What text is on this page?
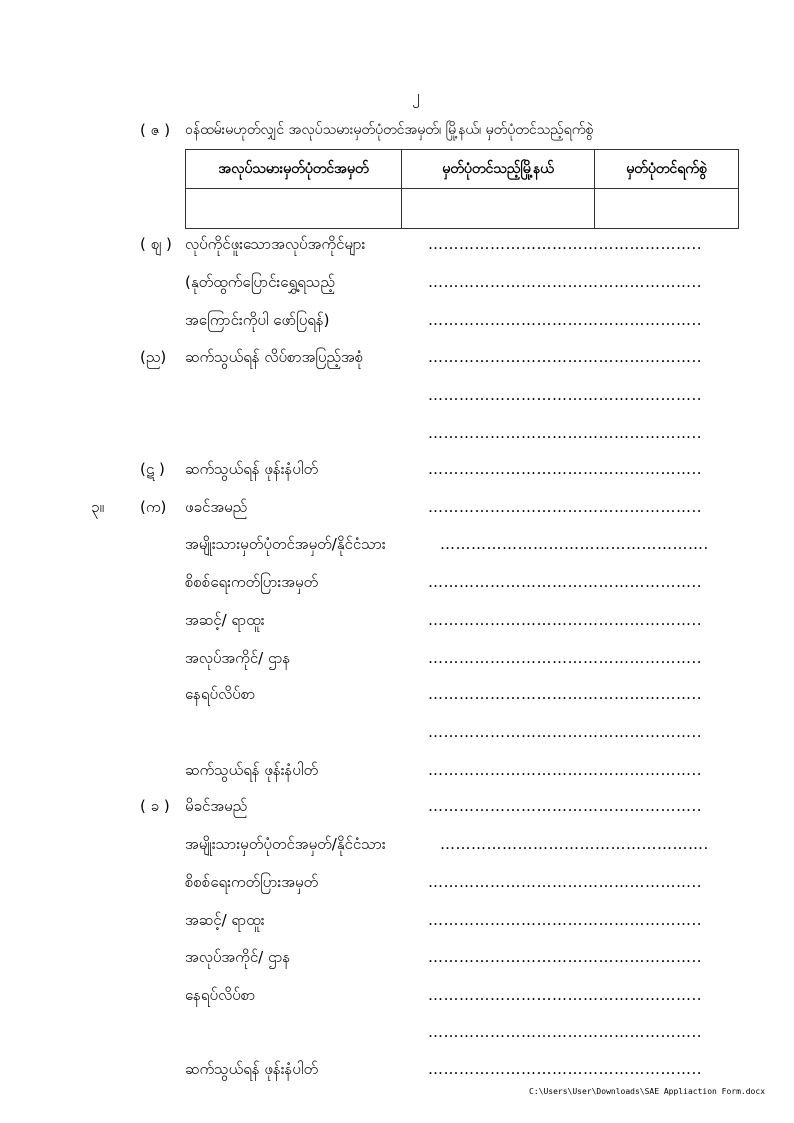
၂
( ဇ ) ဝန်ထမ်းမဟုတ်လျှင် အလုပ်သမားမှတ်ပုံတင်အမှတ်၊ မြို့နယ်၊ မှတ်ပုံတင်သည့်ရက်စွဲ
အလုပ်သမားမှတ်ပုံတင်အမှတ်	မှတ်ပုံတင်သည့်မြို့နယ်	မှတ်ပုံတင်ရက်စွဲ

( ဈ ) လုပ်ကိုင်ဖူးသောအလုပ်အကိုင်များ	……………………………………………..
(နုတ်ထွက်ပြောင်းရွှေ့ရသည့်	……………………………………………..
အကြောင်းကိုပါ ဖော်ပြရန်)	……………………………………………..
(ည) ဆက်သွယ်ရန် လိပ်စာအပြည့်အစုံ	……………………………………………..
……………………………………………..
……………………………………………..
(ဋ ) ဆက်သွယ်ရန် ဖုန်းနံပါတ်	……………………………………………..
၃။ (က) ဖခင်အမည်	……………………………………………..
အမျိုးသားမှတ်ပုံတင်အမှတ်/နိုင်ငံသား	…………………………………………….
စိစစ်ရေးကတ်ပြားအမှတ်	……………………………………………..
အဆင့်/ ရာထူး	……………………………………………..
အလုပ်အကိုင်/ ဌာန	……………………………………………..
နေရပ်လိပ်စာ	……………………………………………..
……………………………………………..
ဆက်သွယ်ရန် ဖုန်းနံပါတ်	……………………………………………..
( ခ ) မိခင်အမည်	……………………………………………..
အမျိုးသားမှတ်ပုံတင်အမှတ်/နိုင်ငံသား	…………………………………………….
စိစစ်ရေးကတ်ပြားအမှတ်	……………………………………………..
အဆင့်/ ရာထူး	……………………………………………..
အလုပ်အကိုင်/ ဌာန	……………………………………………..
နေရပ်လိပ်စာ	……………………………………………..
……………………………………………..
ဆက်သွယ်ရန် ဖုန်းနံပါတ်	……………………………………………..
C:\Users\User\Downloads\SAE Appliaction Form.docx
